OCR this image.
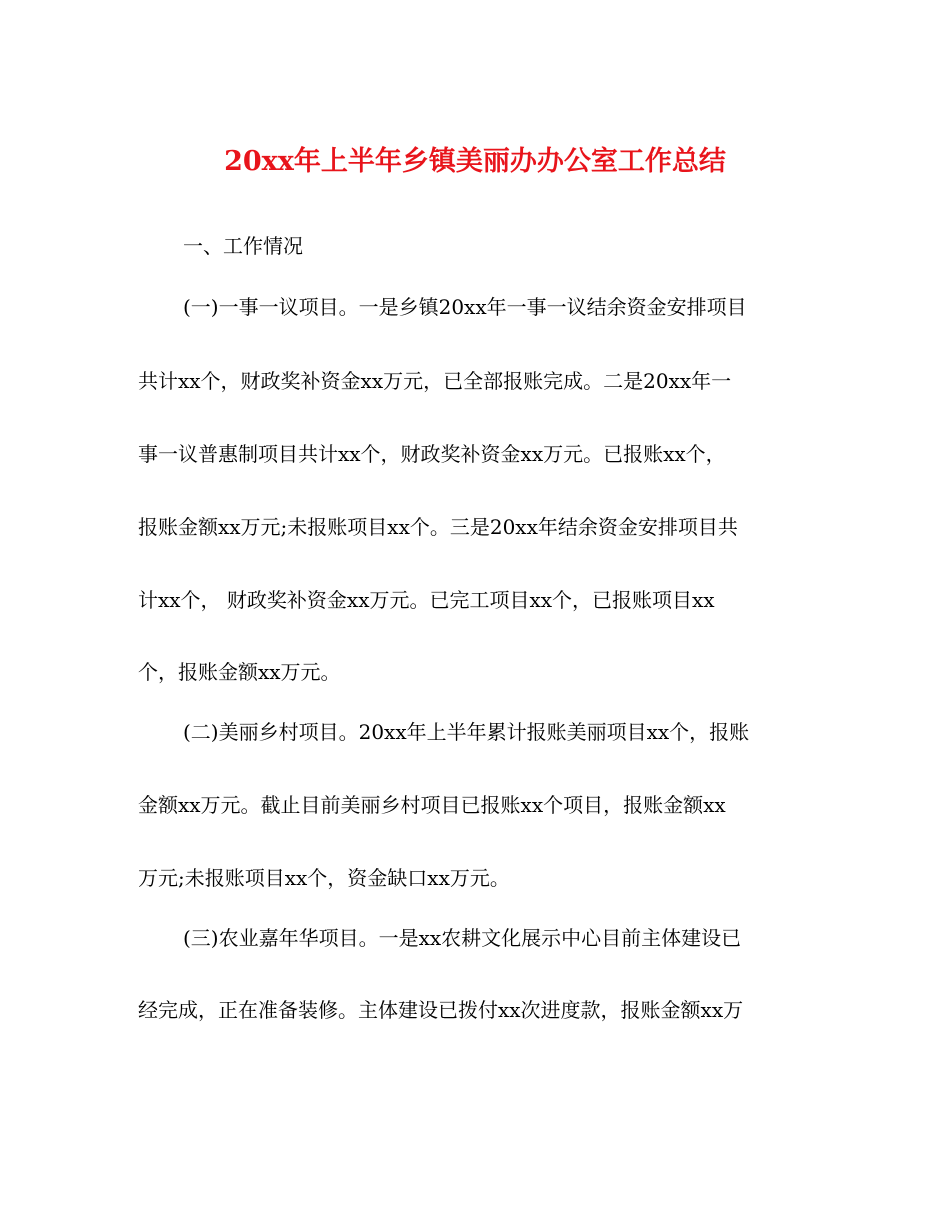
20xx年上半年乡镇美丽办办公室工作总结

一、工作情况

(一)一事一议项目。一是乡镇20xx年一事一议结余资金安排项目

共计xx个，财政奖补资金xx万元，已全部报账完成。二是20xx年一

事一议普惠制项目共计xx个，财政奖补资金xx万元。已报账xx个，

报账金额xx万元;未报账项目xx个。三是20xx年结余资金安排项目共

计xx个， 财政奖补资金xx万元。已完工项目xx个，已报账项目xx

个，报账金额xx万元。

(二)美丽乡村项目。20xx年上半年累计报账美丽项目xx个，报账

金额xx万元。截止目前美丽乡村项目已报账xx个项目，报账金额xx

万元;未报账项目xx个，资金缺口xx万元。

(三)农业嘉年华项目。一是xx农耕文化展示中心目前主体建设已

经完成，正在准备装修。主体建设已拨付xx次进度款，报账金额xx万
